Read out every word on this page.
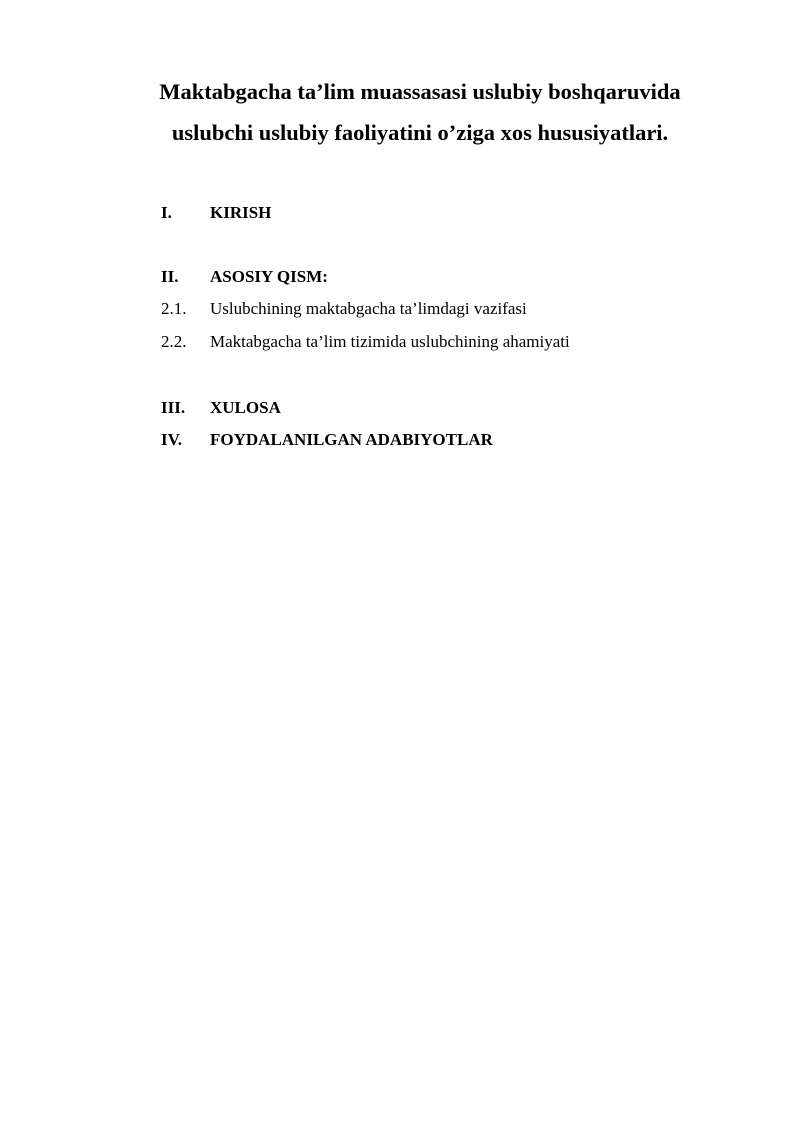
Maktabgacha ta’lim muassasasi uslubiy boshqaruvida
uslubchi uslubiy faoliyatini o’ziga xos hususiyatlari.
I. KIRISH
II. ASOSIY QISM:
2.1. Uslubchining maktabgacha ta’limdagi vazifasi
2.2. Maktabgacha ta’lim tizimida uslubchining ahamiyati
III. XULOSA
IV. FOYDALANILGAN ADABIYOTLAR
